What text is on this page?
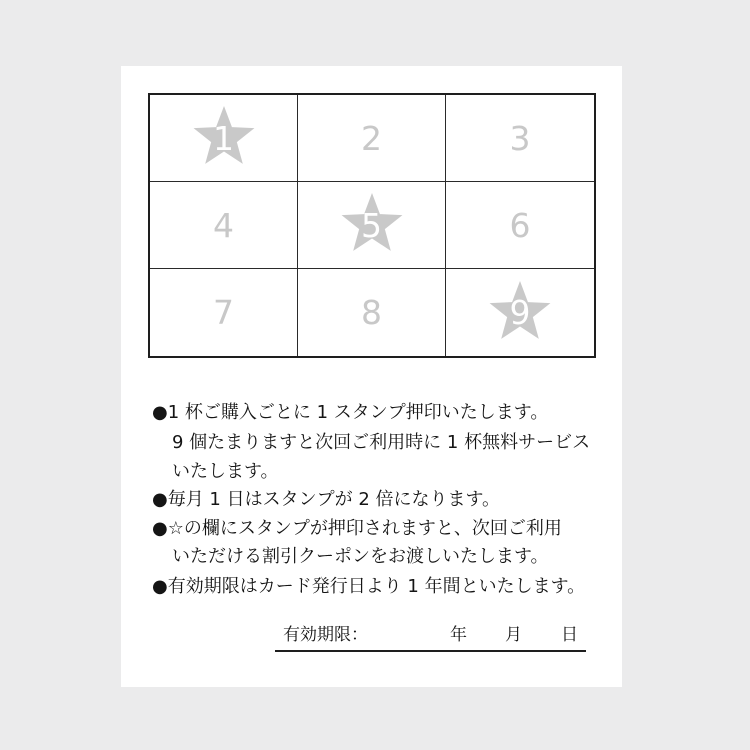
1	2	3
4	5	6
7	8	9
●1 杯ご購入ごとに 1 スタンプ押印いたします。
9 個たまりますと次回ご利用時に 1 杯無料サービス
いたします。
●毎月 1 日はスタンプが 2 倍になります。
●☆の欄にスタンプが押印されますと、次回ご利用
いただける割引クーポンをお渡しいたします。
●有効期限はカード発行日より 1 年間といたします。
有効期限：	年 月 日
